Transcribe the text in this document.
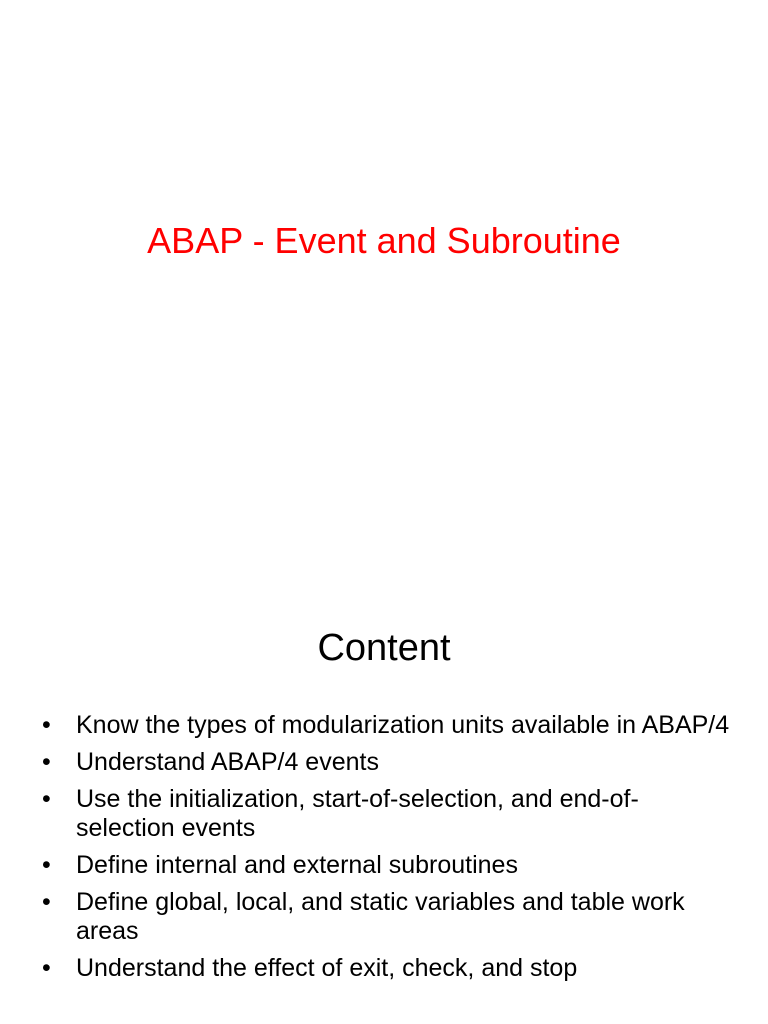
ABAP - Event and Subroutine
Content
•	Know the types of modularization units available in ABAP/4
•	Understand ABAP/4 events
•	Use the initialization, start-of-selection, and end-of-selection events
•	Define internal and external subroutines
•	Define global, local, and static variables and table work areas
•	Understand the effect of exit, check, and stop
